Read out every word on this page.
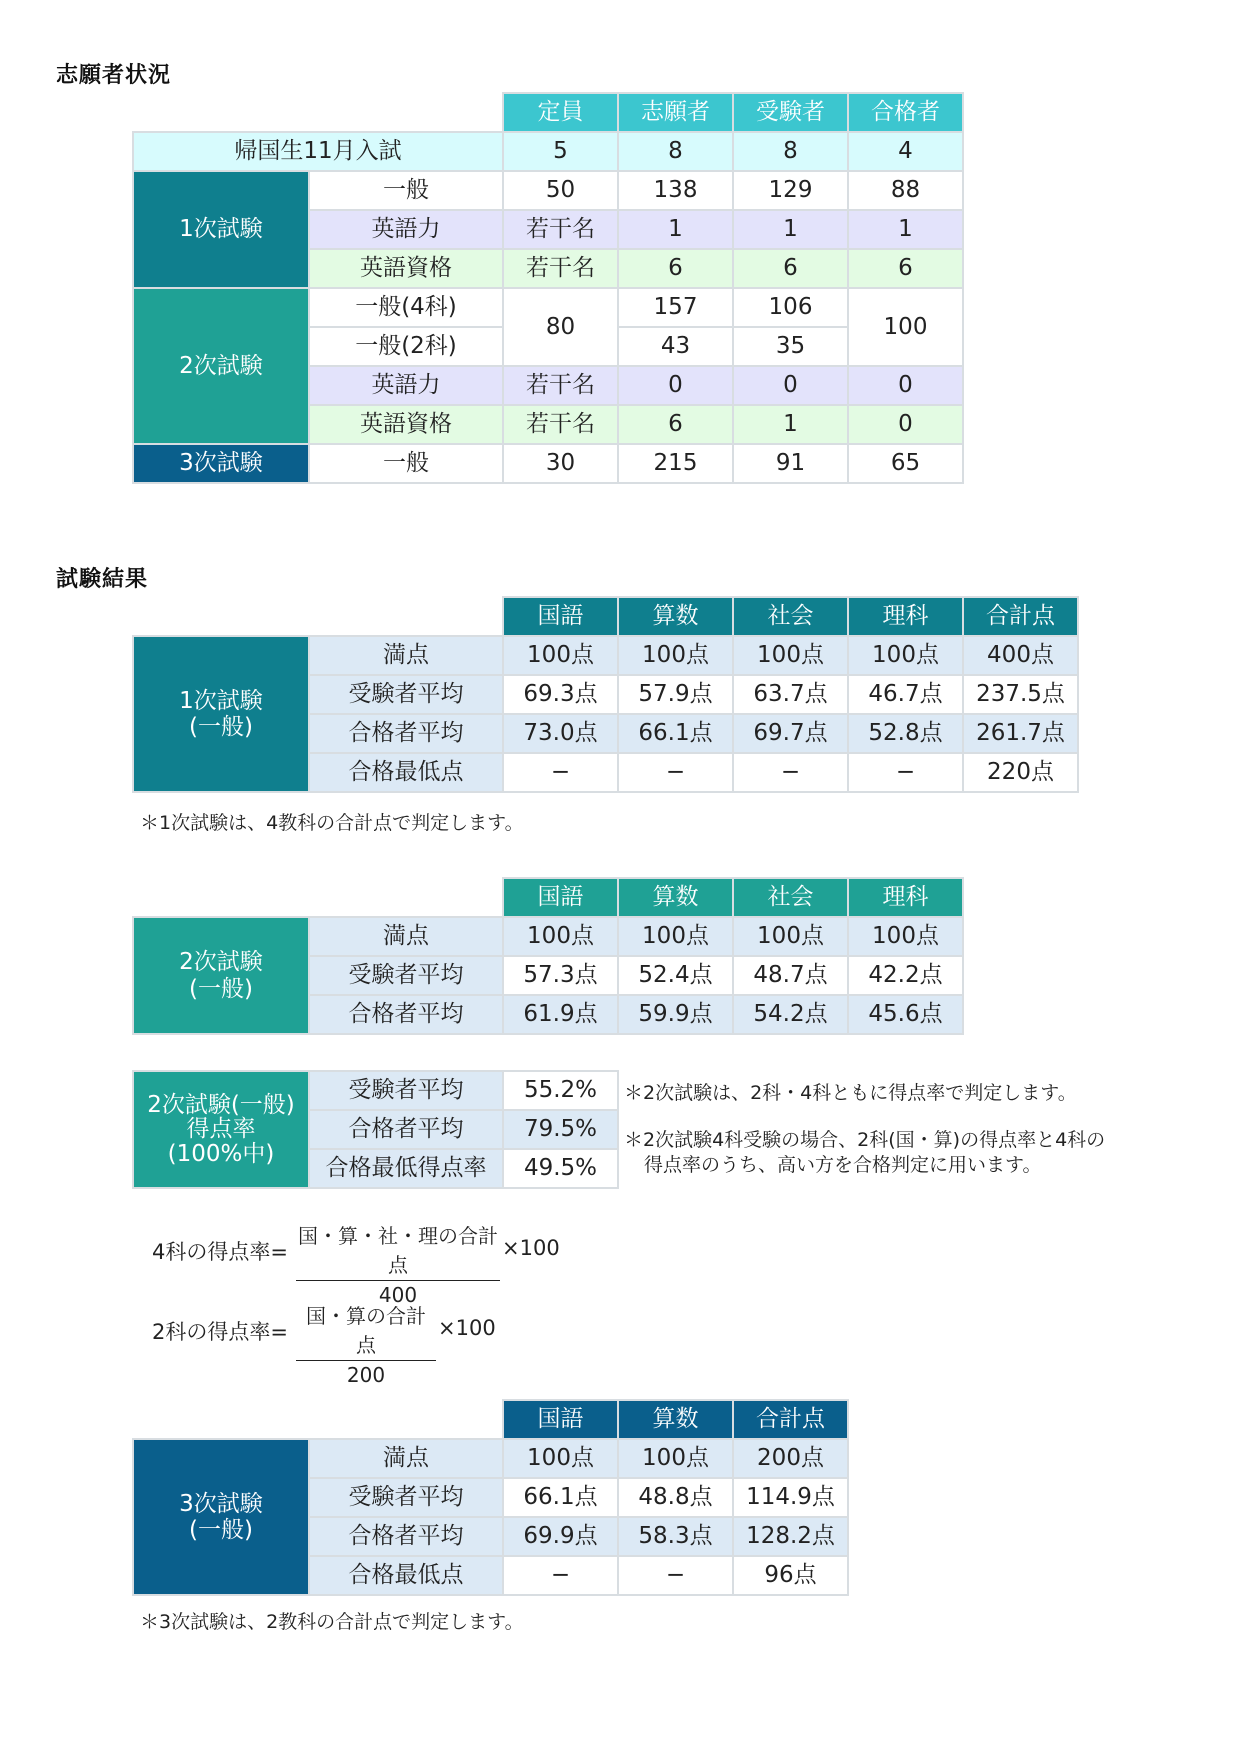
志願者状況
		定員	志願者	受験者	合格者
帰国生11月入試		5	8	8	4
1次試験	一般	50	138	129	88
	英語力	若干名	1	1	1
	英語資格	若干名	6	6	6
2次試験	一般(4科)	80	157	106	100
	一般(2科)		43	35	
	英語力	若干名	0	0	0
	英語資格	若干名	6	1	0
3次試験	一般	30	215	91	65
試験結果
		国語	算数	社会	理科	合計点
1次試験
(一般)	満点	100点	100点	100点	100点	400点
	受験者平均	69.3点	57.9点	63.7点	46.7点	237.5点
	合格者平均	73.0点	66.1点	69.7点	52.8点	261.7点
	合格最低点	−	−	−	−	220点
＊1次試験は、4教科の合計点で判定します。
		国語	算数	社会	理科
2次試験
(一般)	満点	100点	100点	100点	100点
	受験者平均	57.3点	52.4点	48.7点	42.2点
	合格者平均	61.9点	59.9点	54.2点	45.6点
2次試験(一般)
得点率
(100%中)	受験者平均	55.2%
	合格者平均	79.5%
	合格最低得点率	49.5%
＊2次試験は、2科・4科ともに得点率で判定します。
＊2次試験4科受験の場合、2科(国・算)の得点率と4科の
得点率のうち、高い方を合格判定に用います。
4科の得点率=
国・算・社・理の合計点
400
×100
2科の得点率=
国・算の合計点
200
×100
		国語	算数	合計点
3次試験
(一般)	満点	100点	100点	200点
	受験者平均	66.1点	48.8点	114.9点
	合格者平均	69.9点	58.3点	128.2点
	合格最低点	−	−	96点
＊3次試験は、2教科の合計点で判定します。
